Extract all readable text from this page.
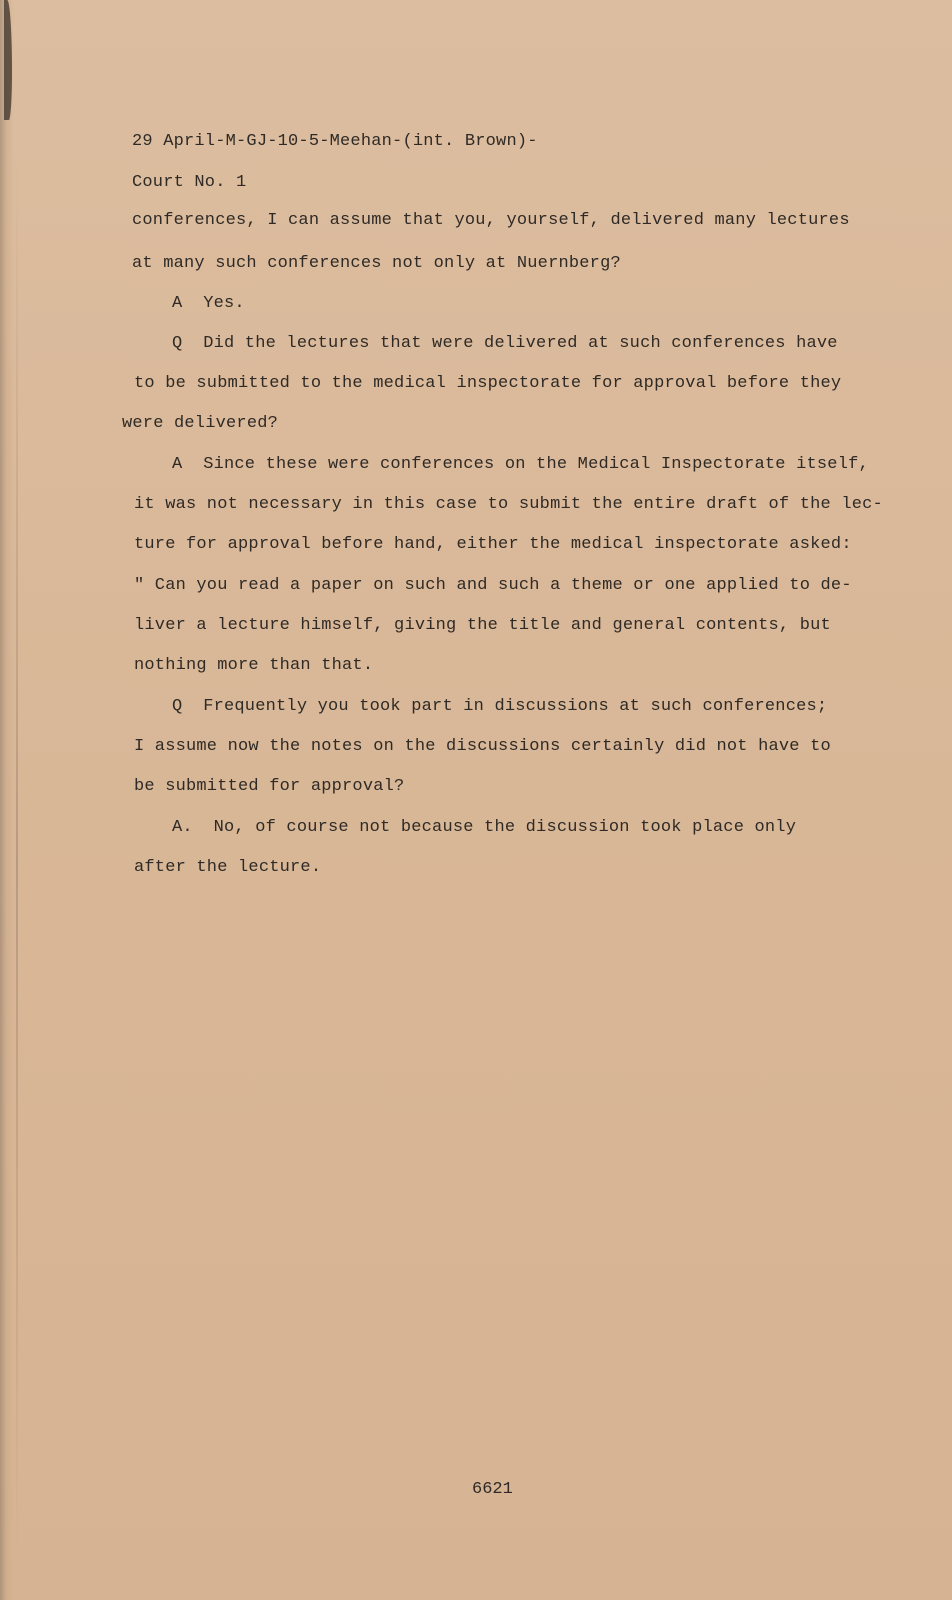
29 April-M-GJ-10-5-Meehan-(int. Brown)-
Court No. 1
conferences, I can assume that you, yourself, delivered many lectures
at many such conferences not only at Nuernberg?
A  Yes.
Q  Did the lectures that were delivered at such conferences have
to be submitted to the medical inspectorate for approval before they
were delivered?
A  Since these were conferences on the Medical Inspectorate itself,
it was not necessary in this case to submit the entire draft of the lec-
ture for approval before hand, either the medical inspectorate asked:
" Can you read a paper on such and such a theme or one applied to de-
liver a lecture himself, giving the title and general contents, but
nothing more than that.
Q  Frequently you took part in discussions at such conferences;
I assume now the notes on the discussions certainly did not have to
be submitted for approval?
A.  No, of course not because the discussion took place only
after the lecture.
6621
